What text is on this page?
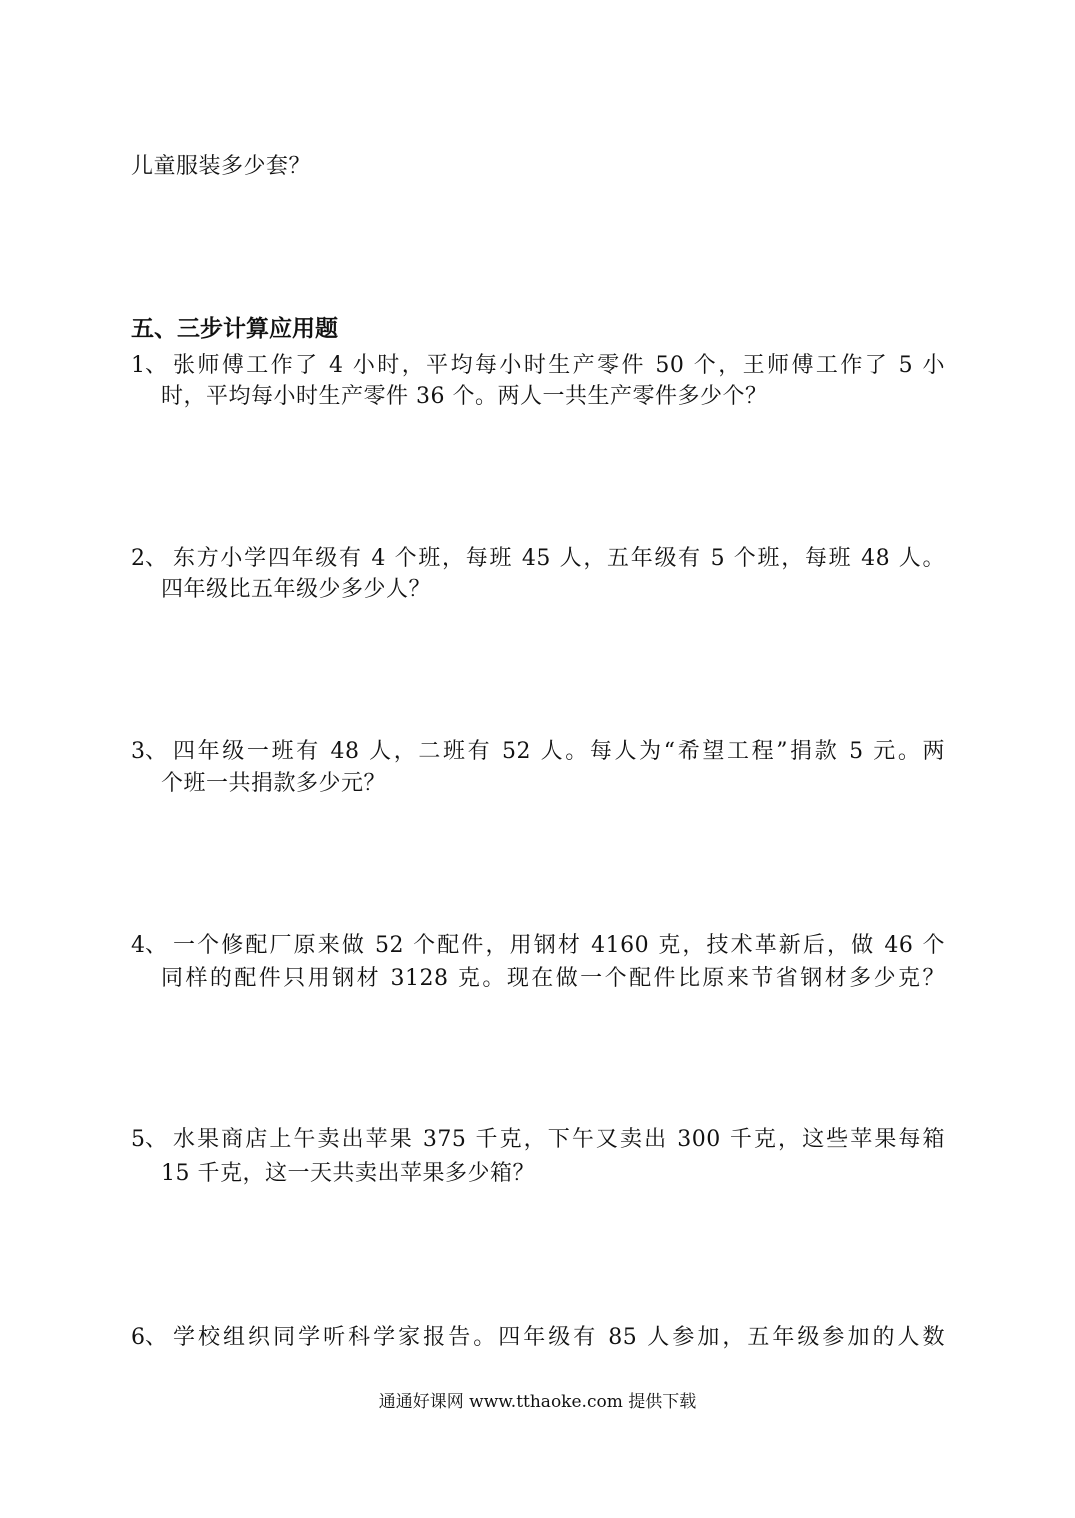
儿童服装多少套？
五、三步计算应用题
1、 张师傅工作了 4 小时，平均每小时生产零件 50 个，王师傅工作了 5 小
时，平均每小时生产零件 36 个。两人一共生产零件多少个？
2、 东方小学四年级有 4 个班，每班 45 人，五年级有 5 个班，每班 48 人。
四年级比五年级少多少人？
3、 四年级一班有 48 人，二班有 52 人。每人为“希望工程”捐款 5 元。两
个班一共捐款多少元？
4、 一个修配厂原来做 52 个配件，用钢材 4160 克，技术革新后，做 46 个
同样的配件只用钢材 3128 克。现在做一个配件比原来节省钢材多少克？
5、 水果商店上午卖出苹果 375 千克，下午又卖出 300 千克，这些苹果每箱
15 千克，这一天共卖出苹果多少箱？
6、 学校组织同学听科学家报告。四年级有 85 人参加，五年级参加的人数
通通好课网 www.tthaoke.com 提供下载
